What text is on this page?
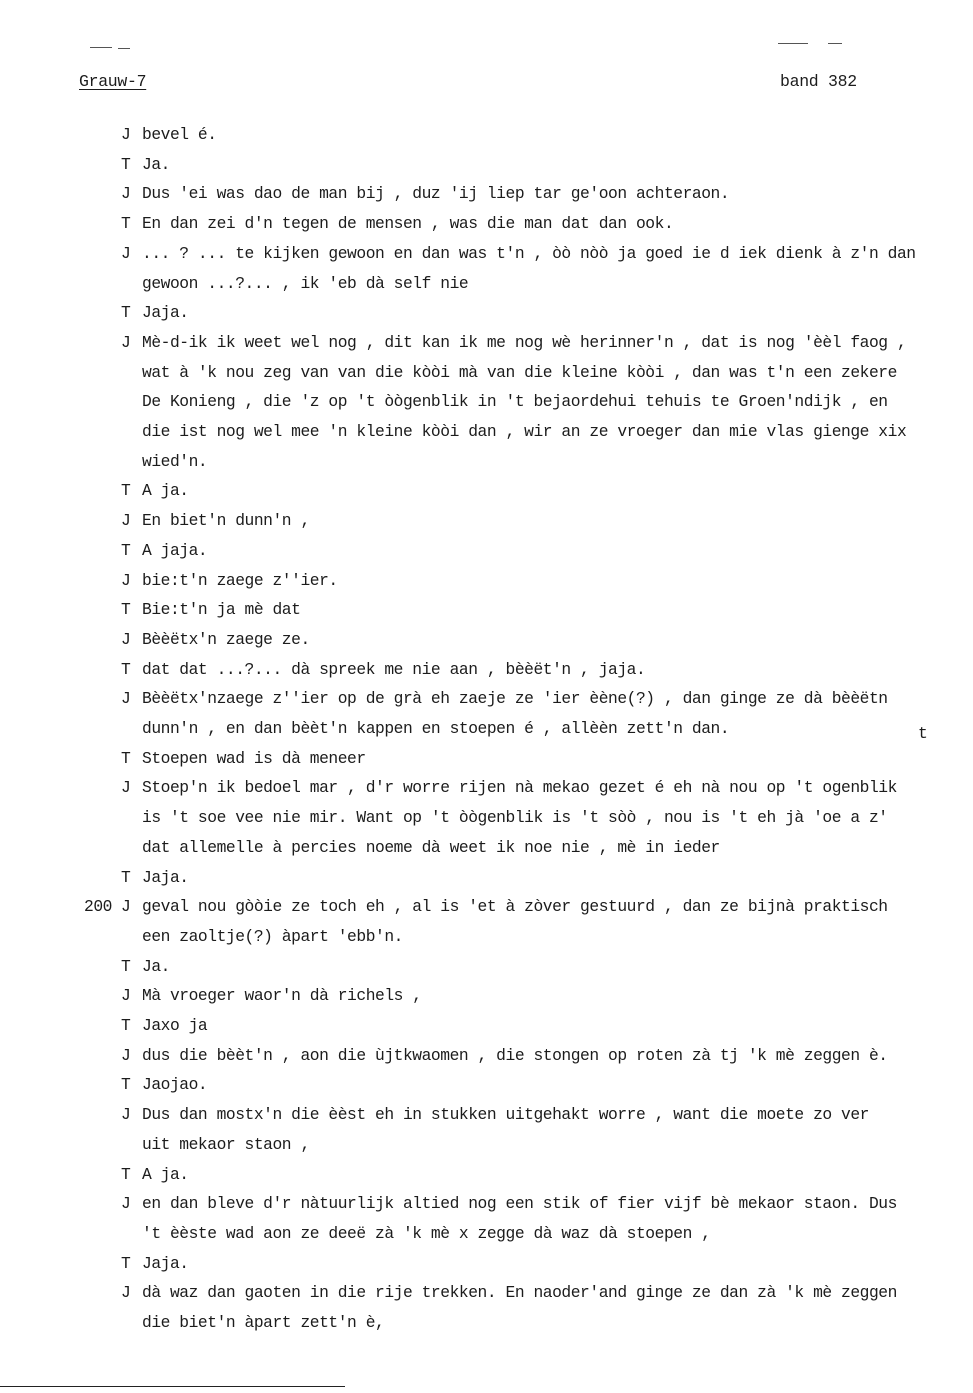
Grauw-7	band 382
J bevel é.
T Ja.
J Dus 'ei was dao de man bij , duz 'ij liep tar ge'oon achteraon.
T En dan zei d'n tegen de mensen , was die man dat dan ook.
J ... ? ... te kijken gewoon en dan was t'n , òò nòò ja goed ie d iek dienk à z'n dan
gewoon ...?... , ik 'eb dà self nie
T Jaja.
J Mè-d-ik ik weet wel nog , dit kan ik me nog wè herinner'n , dat is nog 'èèl faog ,
wat à 'k nou zeg van van die kòòi mà van die kleine kòòi , dan was t'n een zekere
De Konieng , die 'z op 't òògenblik in 't bejaordehui tehuis te Groen'ndijk , en
die ist nog wel mee 'n kleine kòòi dan , wir an ze vroeger dan mie vlas gienge xix
wied'n.
T A ja.
J En biet'n dunn'n ,
T A jaja.
J bie:t'n zaege z''ier.
T Bie:t'n ja mè dat
J Bèèëtx'n zaege ze.
T dat dat ...?... dà spreek me nie aan , bèèët'n , jaja.
J Bèèëtx'nzaege z''ier op de grà eh zaeje ze 'ier èène(?) , dan ginge ze dà bèèëtn
dunn'n , en dan bèèt'n kappen en stoepen é , allèèn zett'n dan.
T Stoepen wad is dà meneer
J Stoep'n ik bedoel mar , d'r worre rijen nà mekao gezet é eh nà nou op 't ogenblik
is 't soe vee nie mir. Want op 't òògenblik is 't sòò , nou is 't eh jà 'oe a z'
dat allemelle à percies noeme dà weet ik noe nie , mè in ieder
T Jaja.
200 J geval nou gòòie ze toch eh , al is 'et à zòver gestuurd , dan ze bijnà praktisch
een zaoltje(?) àpart 'ebb'n.
T Ja.
J Mà vroeger waor'n dà richels ,
T Jaxo ja
J dus die bèèt'n , aon die ùjtkwaomen , die stongen op roten zà tj 'k mè zeggen è.
T Jaojao.
J Dus dan mostx'n die èèst eh in stukken uitgehakt worre , want die moete zo ver
uit mekaor staon ,
T A ja.
J en dan bleve d'r nàtuurlijk altied nog een stik of fier vijf bè mekaor staon. Dus
't èèste wad aon ze deeë zà 'k mè x zegge dà waz dà stoepen ,
T Jaja.
J dà waz dan gaoten in die rije trekken. En naoder'and ginge ze dan zà 'k mè zeggen
die biet'n àpart zett'n è,
t
